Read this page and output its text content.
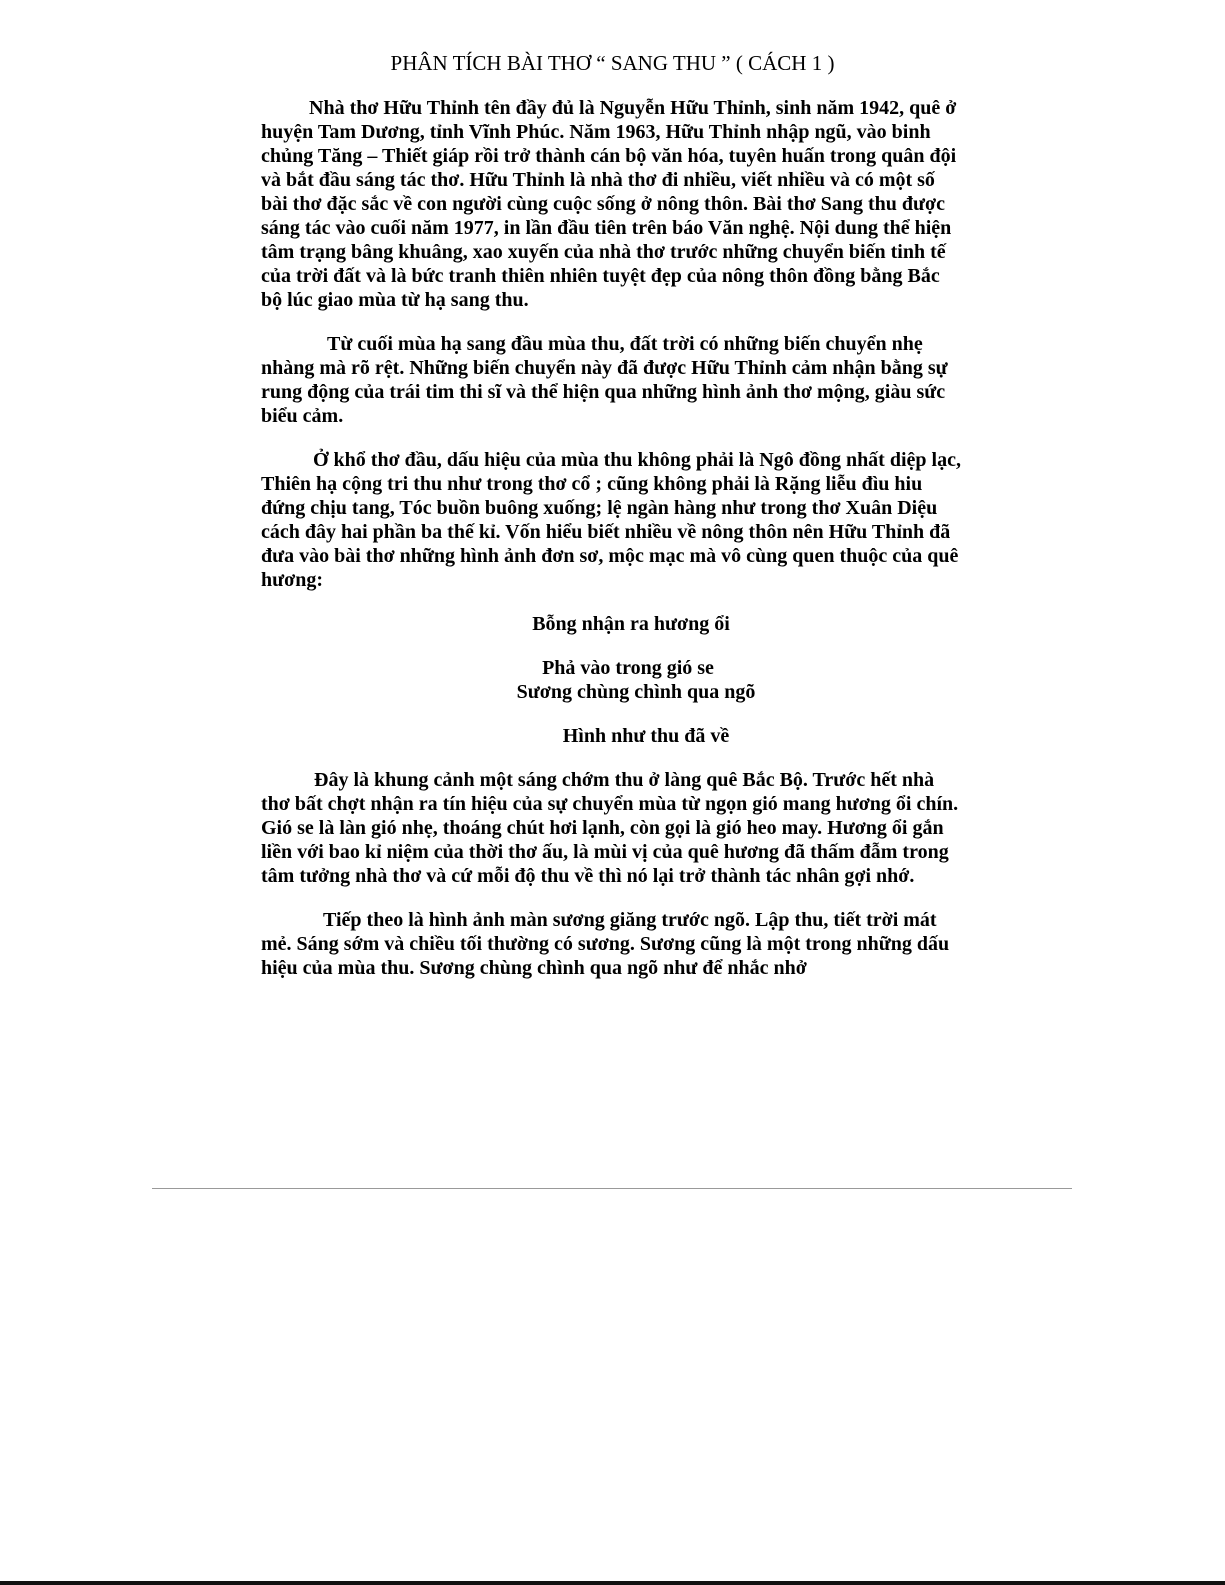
PHÂN TÍCH BÀI THƠ “ SANG THU ” ( CÁCH 1 )

Nhà thơ Hữu Thỉnh tên đầy đủ là Nguyễn Hữu Thỉnh, sinh năm 1942, quê ở huyện Tam Dương, tỉnh Vĩnh Phúc. Năm 1963, Hữu Thỉnh nhập ngũ, vào binh chủng Tăng – Thiết giáp rồi trở thành cán bộ văn hóa, tuyên huấn trong quân đội và bắt đầu sáng tác thơ. Hữu Thỉnh là nhà thơ đi nhiều, viết nhiều và có một số bài thơ đặc sắc về con người cùng cuộc sống ở nông thôn. Bài thơ Sang thu được sáng tác vào cuối năm 1977, in lần đầu tiên trên báo Văn nghệ. Nội dung thể hiện tâm trạng bâng khuâng, xao xuyến của nhà thơ trước những chuyển biến tinh tế của trời đất và là bức tranh thiên nhiên tuyệt đẹp của nông thôn đồng bằng Bắc bộ lúc giao mùa từ hạ sang thu.

Từ cuối mùa hạ sang đầu mùa thu, đất trời có những biến chuyển nhẹ nhàng mà rõ rệt. Những biến chuyển này đã được Hữu Thỉnh cảm nhận bằng sự rung động của trái tim thi sĩ và thể hiện qua những hình ảnh thơ mộng, giàu sức biểu cảm.

Ở khổ thơ đầu, dấu hiệu của mùa thu không phải là Ngô đồng nhất diệp lạc, Thiên hạ cộng tri thu như trong thơ cổ ; cũng không phải là Rặng liễu đìu hiu đứng chịu tang, Tóc buồn buông xuống; lệ ngàn hàng như trong thơ Xuân Diệu cách đây hai phần ba thế kỉ. Vốn hiểu biết nhiều về nông thôn nên Hữu Thỉnh đã đưa vào bài thơ những hình ảnh đơn sơ, mộc mạc mà vô cùng quen thuộc của quê hương:

Bỗng nhận ra hương ổi
Phả vào trong gió se
Sương chùng chình qua ngõ
Hình như thu đã về

Đây là khung cảnh một sáng chớm thu ở làng quê Bắc Bộ. Trước hết nhà thơ bất chợt nhận ra tín hiệu của sự chuyển mùa từ ngọn gió mang hương ổi chín. Gió se là làn gió nhẹ, thoáng chút hơi lạnh, còn gọi là gió heo may. Hương ổi gắn liền với bao kỉ niệm của thời thơ ấu, là mùi vị của quê hương đã thấm đẫm trong tâm tưởng nhà thơ và cứ mỗi độ thu về thì nó lại trở thành tác nhân gợi nhớ.

Tiếp theo là hình ảnh màn sương giăng trước ngõ. Lập thu, tiết trời mát mẻ. Sáng sớm và chiều tối thường có sương. Sương cũng là một trong những dấu hiệu của mùa thu. Sương chùng chình qua ngõ như để nhắc nhở
